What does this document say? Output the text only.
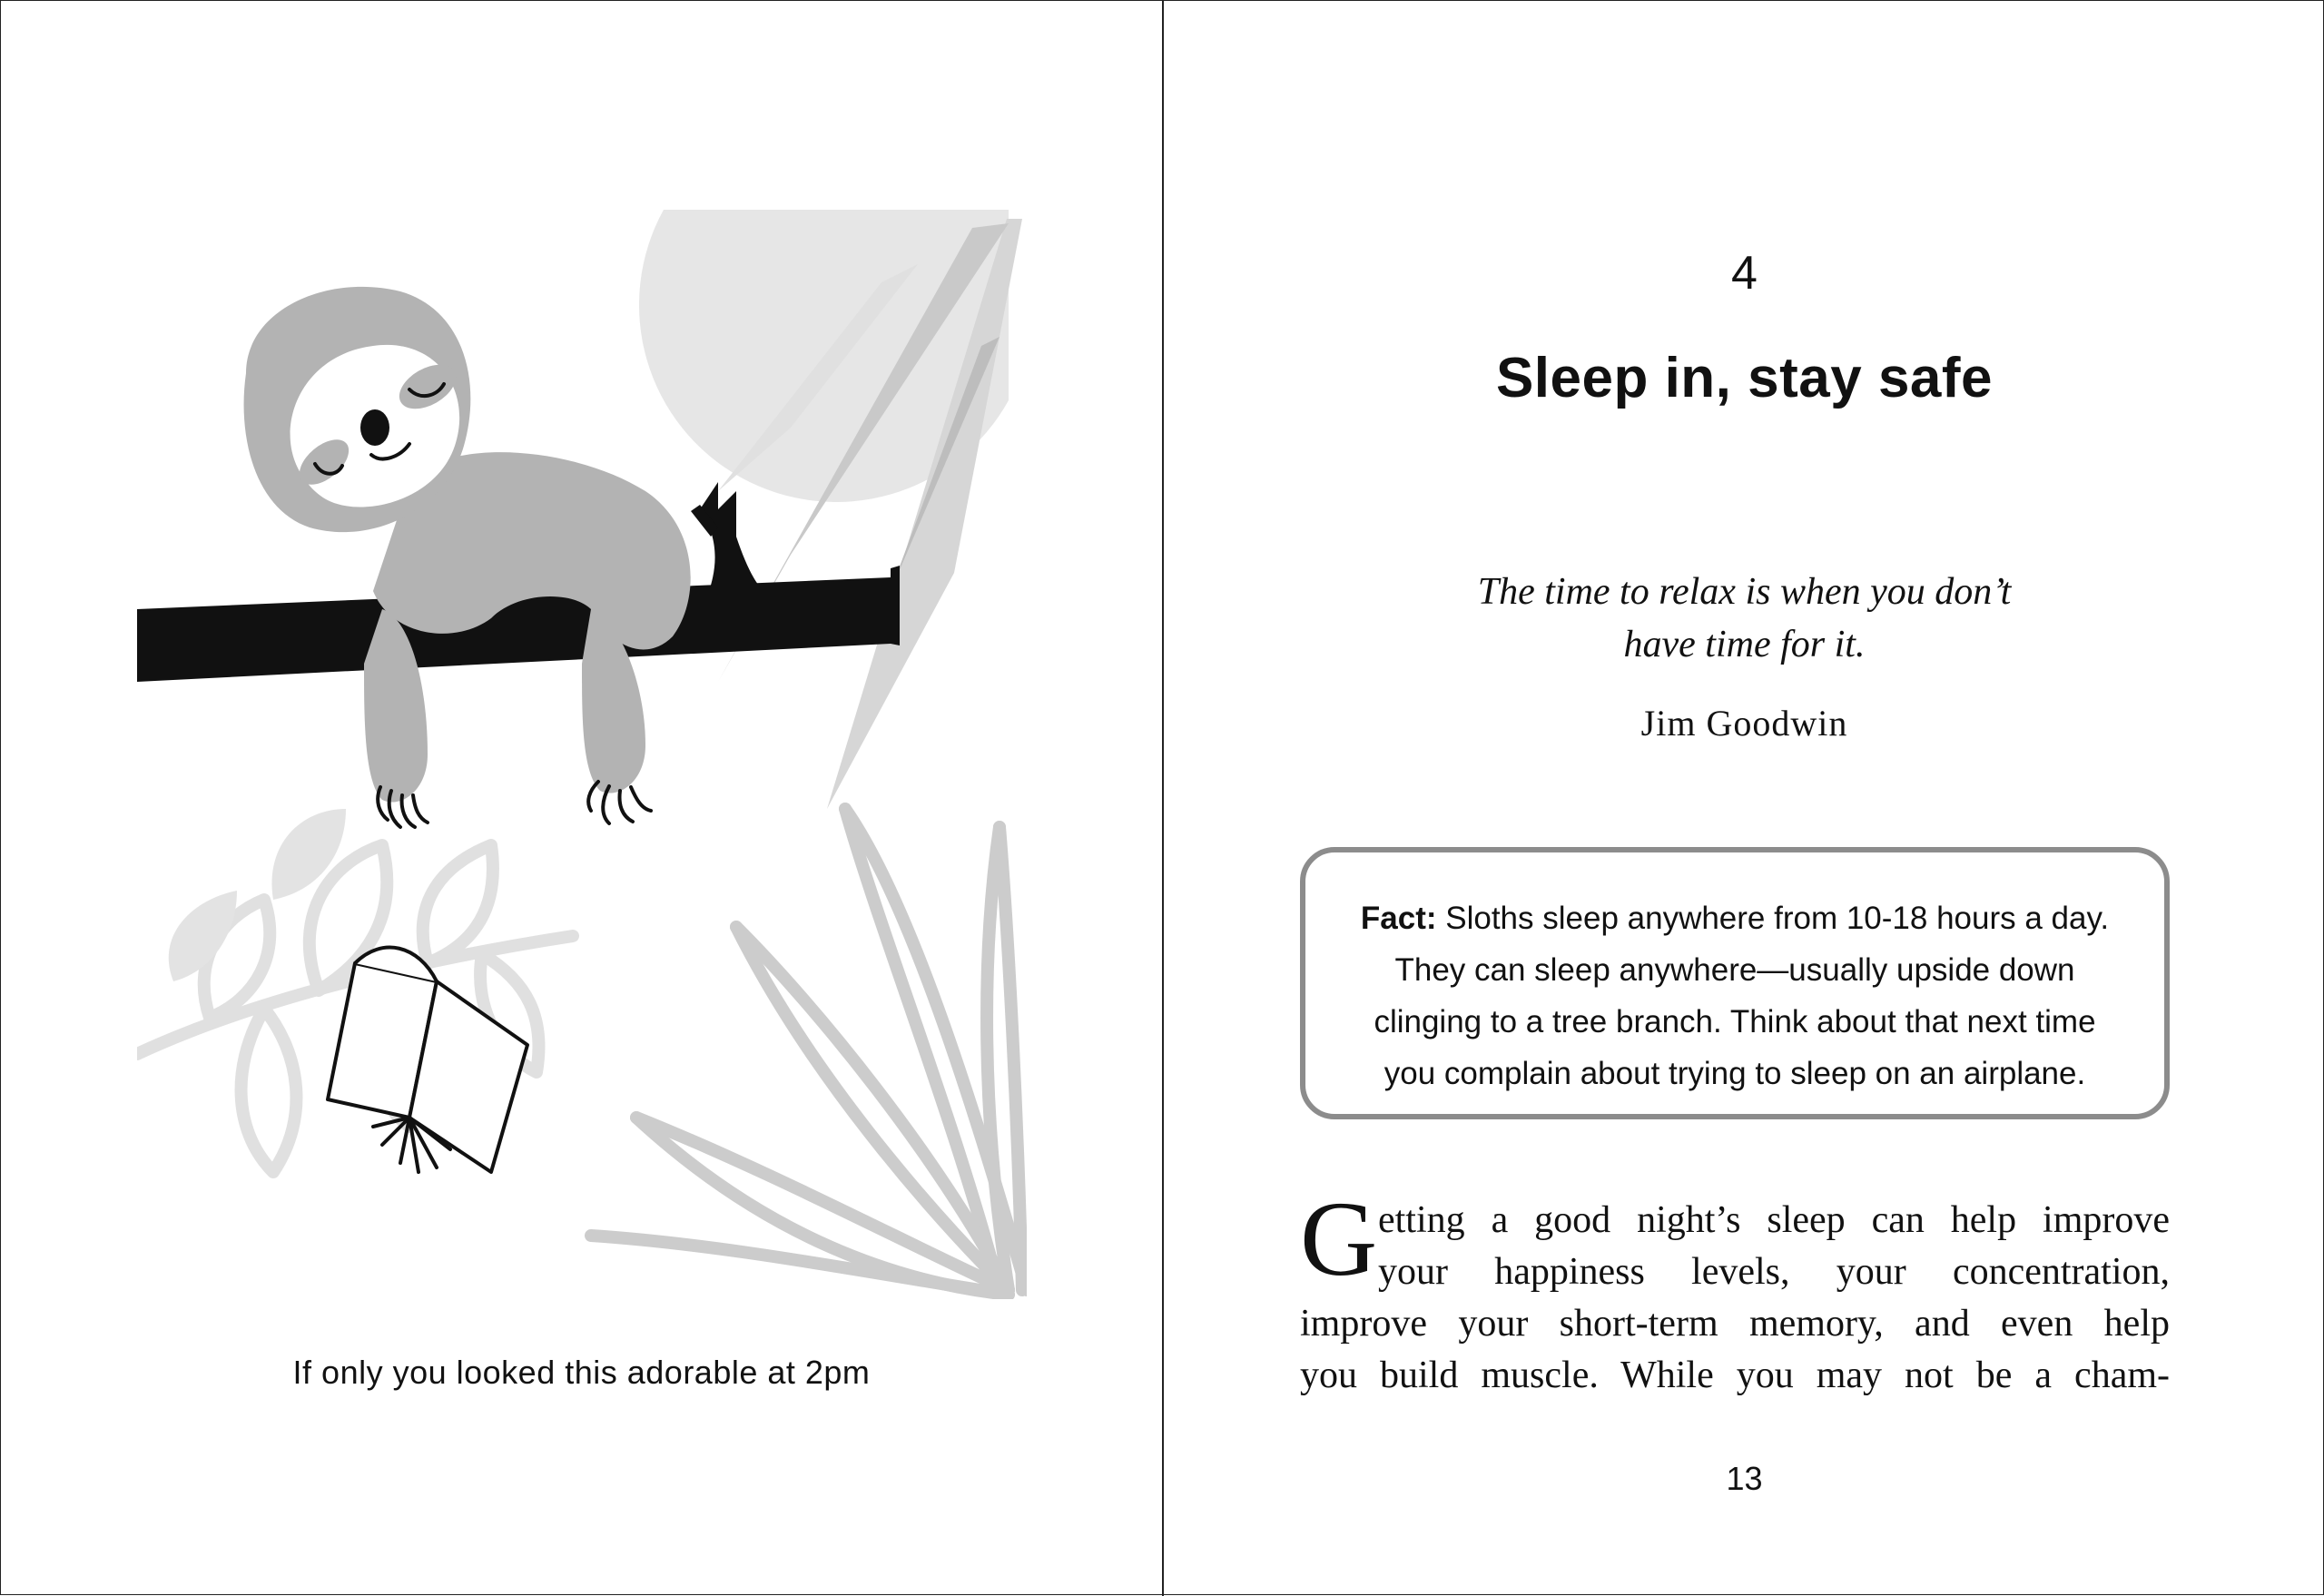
If only you looked this adorable at 2pm
4
Sleep in, stay safe
The time to relax is when you don’t
have time for it.
Jim Goodwin
Fact: Sloths sleep anywhere from 10-18 hours a day.
They can sleep anywhere—usually upside down
clinging to a tree branch. Think about that next time
you complain about trying to sleep on an airplane.
G etting a good night’s sleep can help improve
your happiness levels, your concentration,
improve your short-term memory, and even help
you build muscle. While you may not be a cham-
13
